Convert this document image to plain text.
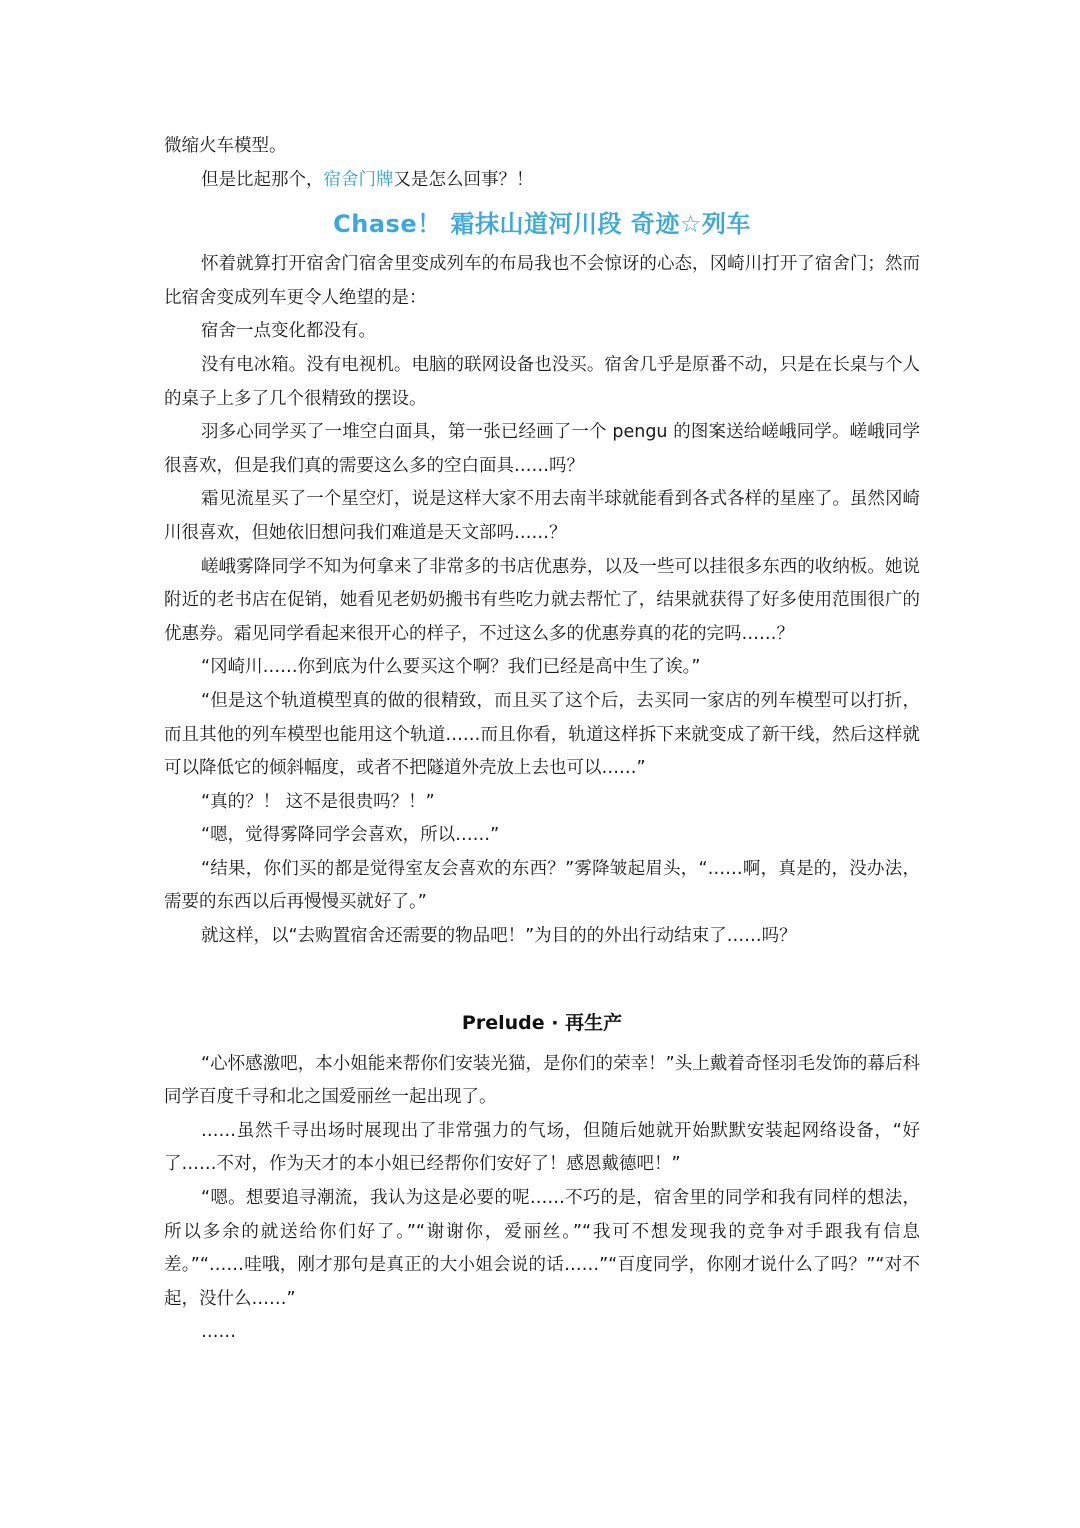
微缩火车模型。

但是比起那个，宿舍门牌又是怎么回事？！

Chase！ 霜抹山道河川段 奇迹☆列车

怀着就算打开宿舍门宿舍里变成列车的布局我也不会惊讶的心态，冈崎川打开了宿舍门；然而比宿舍变成列车更令人绝望的是：

宿舍一点变化都没有。

没有电冰箱。没有电视机。电脑的联网设备也没买。宿舍几乎是原番不动，只是在长桌与个人的桌子上多了几个很精致的摆设。

羽多心同学买了一堆空白面具，第一张已经画了一个 pengu 的图案送给嵯峨同学。嵯峨同学很喜欢，但是我们真的需要这么多的空白面具……吗？

霜见流星买了一个星空灯，说是这样大家不用去南半球就能看到各式各样的星座了。虽然冈崎川很喜欢，但她依旧想问我们难道是天文部吗……？

嵯峨雾降同学不知为何拿来了非常多的书店优惠券，以及一些可以挂很多东西的收纳板。她说附近的老书店在促销，她看见老奶奶搬书有些吃力就去帮忙了，结果就获得了好多使用范围很广的优惠券。霜见同学看起来很开心的样子，不过这么多的优惠券真的花的完吗……？

“冈崎川……你到底为什么要买这个啊？我们已经是高中生了诶。”

“但是这个轨道模型真的做的很精致，而且买了这个后，去买同一家店的列车模型可以打折，而且其他的列车模型也能用这个轨道……而且你看，轨道这样拆下来就变成了新干线，然后这样就可以降低它的倾斜幅度，或者不把隧道外壳放上去也可以……”

“真的？！ 这不是很贵吗？！”

“嗯，觉得雾降同学会喜欢，所以……”

“结果，你们买的都是觉得室友会喜欢的东西？”雾降皱起眉头，“……啊，真是的，没办法，需要的东西以后再慢慢买就好了。”

就这样，以“去购置宿舍还需要的物品吧！”为目的的外出行动结束了……吗？

Prelude · 再生产

“心怀感激吧，本小姐能来帮你们安装光猫，是你们的荣幸！”头上戴着奇怪羽毛发饰的幕后科同学百度千寻和北之国爱丽丝一起出现了。

……虽然千寻出场时展现出了非常强力的气场，但随后她就开始默默安装起网络设备，“好了……不对，作为天才的本小姐已经帮你们安好了！感恩戴德吧！”

“嗯。想要追寻潮流，我认为这是必要的呢……不巧的是，宿舍里的同学和我有同样的想法，所以多余的就送给你们好了。”“谢谢你，爱丽丝。”“我可不想发现我的竞争对手跟我有信息差。”“……哇哦，刚才那句是真正的大小姐会说的话……”“百度同学，你刚才说什么了吗？”“对不起，没什么……”

……
